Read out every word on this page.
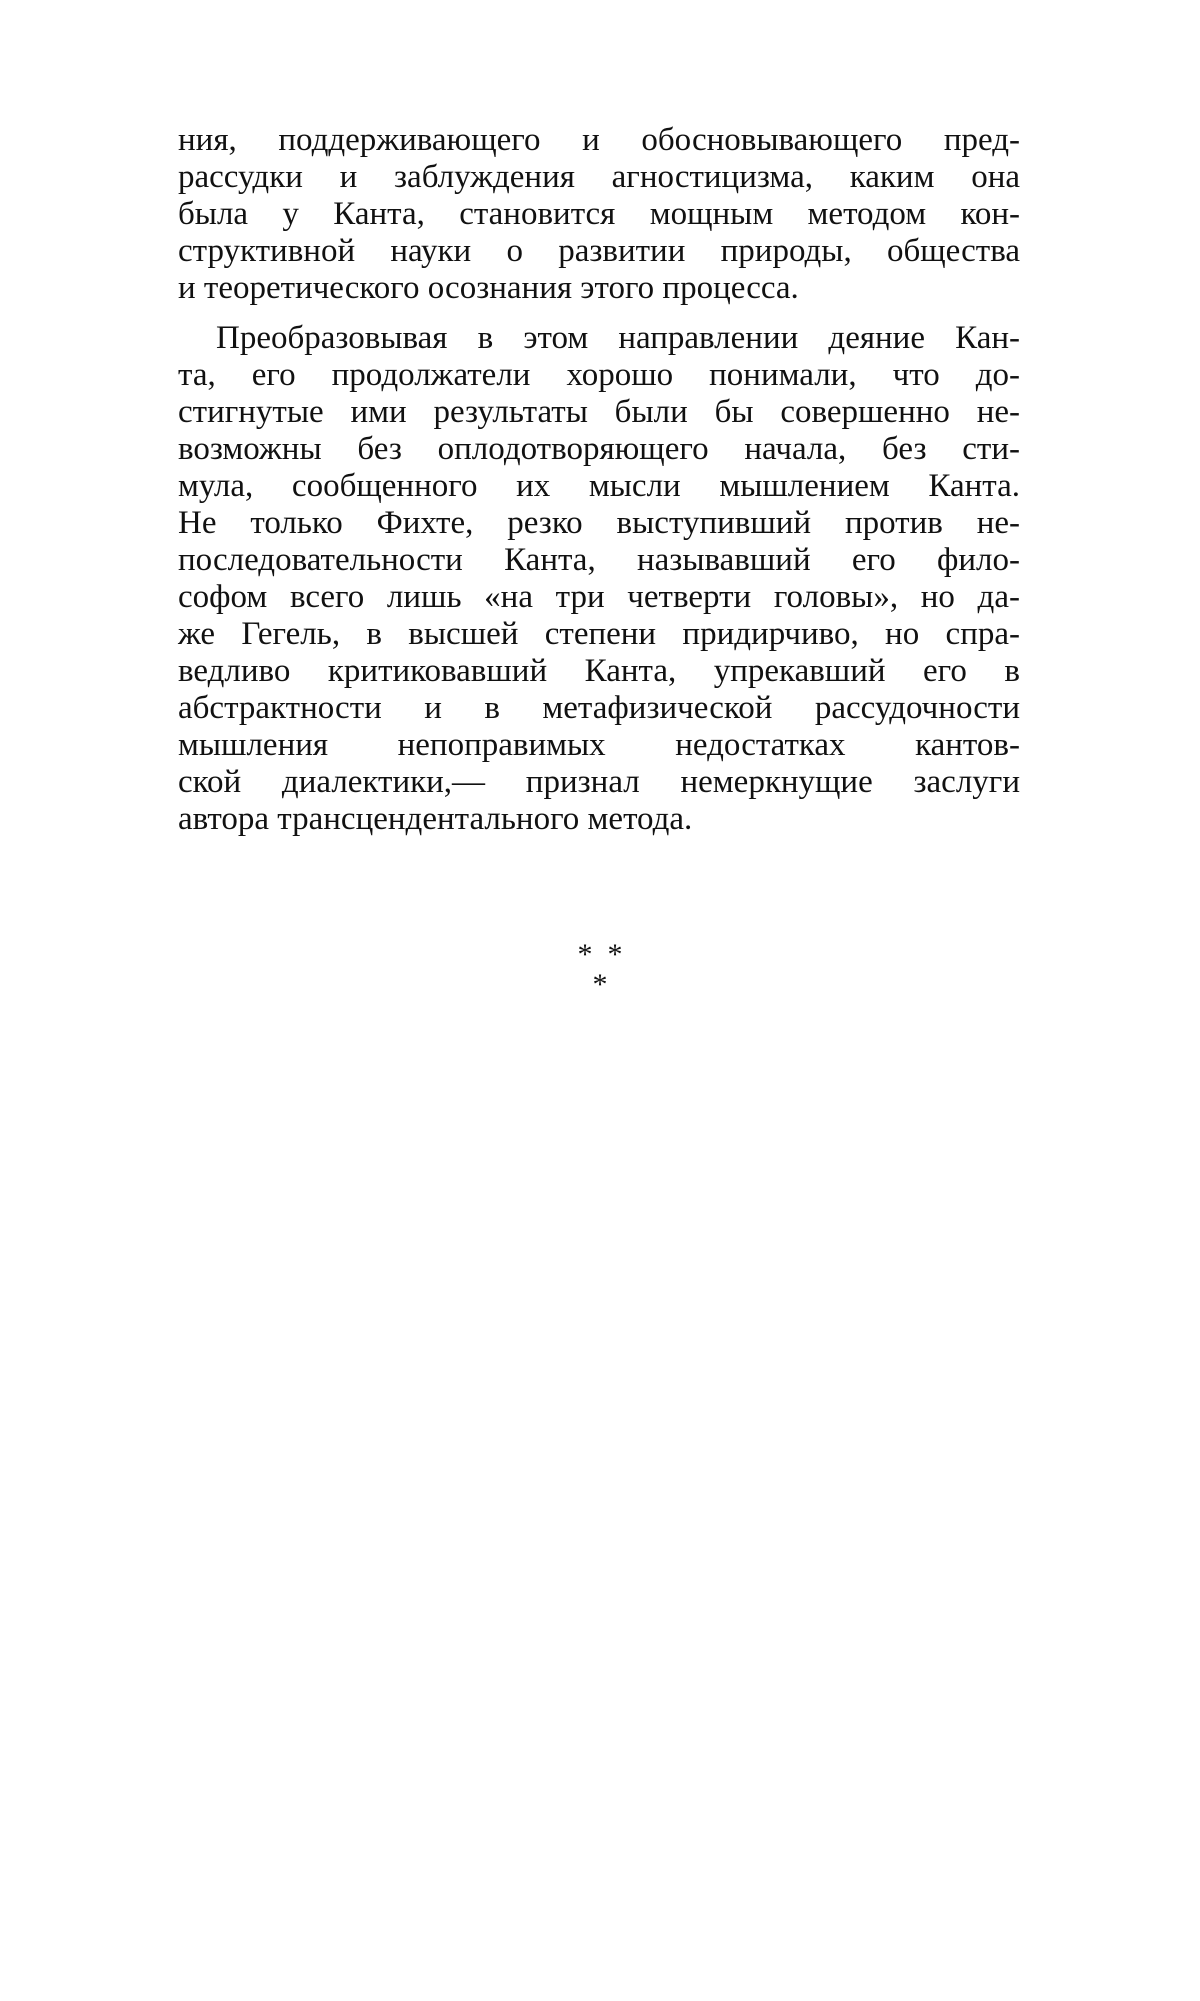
ния, поддерживающего и обосновывающего пред-
рассудки и заблуждения агностицизма, каким она
была у Канта, становится мощным методом кон-
структивной науки о развитии природы, общества
и теоретического осознания этого процесса.
Преобразовывая в этом направлении деяние Кан-
та, его продолжатели хорошо понимали, что до-
стигнутые ими результаты были бы совершенно не-
возможны без оплодотворяющего начала, без сти-
мула, сообщенного их мысли мышлением Канта.
Не только Фихте, резко выступивший против не-
последовательности Канта, называвший его фило-
софом всего лишь «на три четверти головы», но да-
же Гегель, в высшей степени придирчиво, но спра-
ведливо критиковавший Канта, упрекавший его в
абстрактности и в метафизической рассудочности
мышления непоправимых недостатках кантов-
ской диалектики,— признал немеркнущие заслуги
автора трансцендентального метода.
*  *
*
